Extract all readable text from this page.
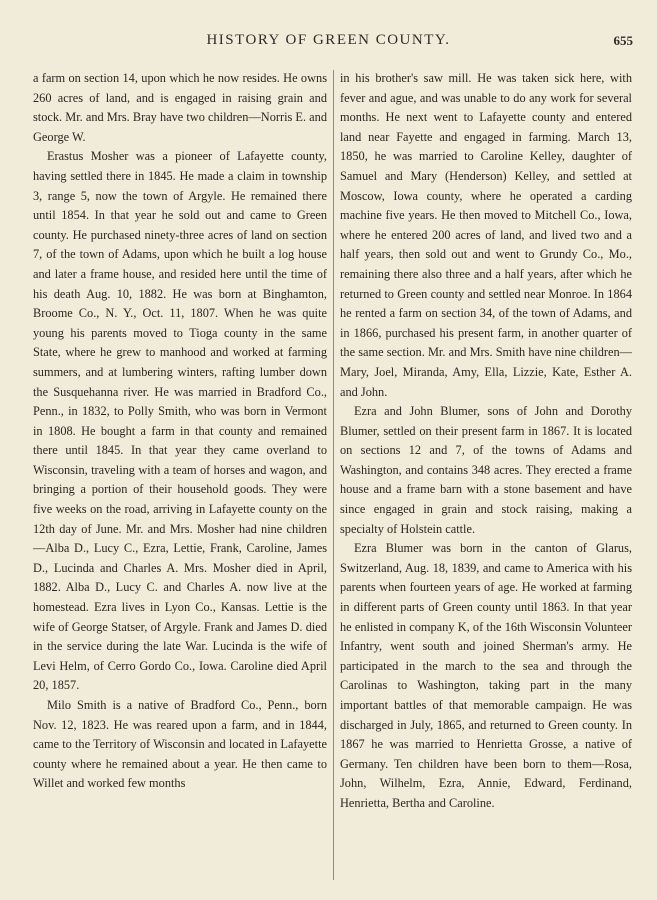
HISTORY OF GREEN COUNTY.	655

a farm on section 14, upon which he now resides. He owns 260 acres of land, and is engaged in raising grain and stock. Mr. and Mrs. Bray have two children—Norris E. and George W.

Erastus Mosher was a pioneer of Lafayette county, having settled there in 1845. He made a claim in township 3, range 5, now the town of Argyle. He remained there until 1854. In that year he sold out and came to Green county. He purchased ninety-three acres of land on section 7, of the town of Adams, upon which he built a log house and later a frame house, and resided here until the time of his death Aug. 10, 1882. He was born at Binghamton, Broome Co., N. Y., Oct. 11, 1807. When he was quite young his parents moved to Tioga county in the same State, where he grew to manhood and worked at farming summers, and at lumbering winters, rafting lumber down the Susquehanna river. He was married in Bradford Co., Penn., in 1832, to Polly Smith, who was born in Vermont in 1808. He bought a farm in that county and remained there until 1845. In that year they came overland to Wisconsin, traveling with a team of horses and wagon, and bringing a portion of their household goods. They were five weeks on the road, arriving in Lafayette county on the 12th day of June. Mr. and Mrs. Mosher had nine children—Alba D., Lucy C., Ezra, Lettie, Frank, Caroline, James D., Lucinda and Charles A. Mrs. Mosher died in April, 1882. Alba D., Lucy C. and Charles A. now live at the homestead. Ezra lives in Lyon Co., Kansas. Lettie is the wife of George Statser, of Argyle. Frank and James D. died in the service during the late War. Lucinda is the wife of Levi Helm, of Cerro Gordo Co., Iowa. Caroline died April 20, 1857.

Milo Smith is a native of Bradford Co., Penn., born Nov. 12, 1823. He was reared upon a farm, and in 1844, came to the Territory of Wisconsin and located in Lafayette county where he remained about a year. He then came to Willet and worked few months

in his brother's saw mill. He was taken sick here, with fever and ague, and was unable to do any work for several months. He next went to Lafayette county and entered land near Fayette and engaged in farming. March 13, 1850, he was married to Caroline Kelley, daughter of Samuel and Mary (Henderson) Kelley, and settled at Moscow, Iowa county, where he operated a carding machine five years. He then moved to Mitchell Co., Iowa, where he entered 200 acres of land, and lived two and a half years, then sold out and went to Grundy Co., Mo., remaining there also three and a half years, after which he returned to Green county and settled near Monroe. In 1864 he rented a farm on section 34, of the town of Adams, and in 1866, purchased his present farm, in another quarter of the same section. Mr. and Mrs. Smith have nine children—Mary, Joel, Miranda, Amy, Ella, Lizzie, Kate, Esther A. and John.

Ezra and John Blumer, sons of John and Dorothy Blumer, settled on their present farm in 1867. It is located on sections 12 and 7, of the towns of Adams and Washington, and contains 348 acres. They erected a frame house and a frame barn with a stone basement and have since engaged in grain and stock raising, making a specialty of Holstein cattle.

Ezra Blumer was born in the canton of Glarus, Switzerland, Aug. 18, 1839, and came to America with his parents when fourteen years of age. He worked at farming in different parts of Green county until 1863. In that year he enlisted in company K, of the 16th Wisconsin Volunteer Infantry, went south and joined Sherman's army. He participated in the march to the sea and through the Carolinas to Washington, taking part in the many important battles of that memorable campaign. He was discharged in July, 1865, and returned to Green county. In 1867 he was married to Henrietta Grosse, a native of Germany. Ten children have been born to them—Rosa, John, Wilhelm, Ezra, Annie, Edward, Ferdinand, Henrietta, Bertha and Caroline.
